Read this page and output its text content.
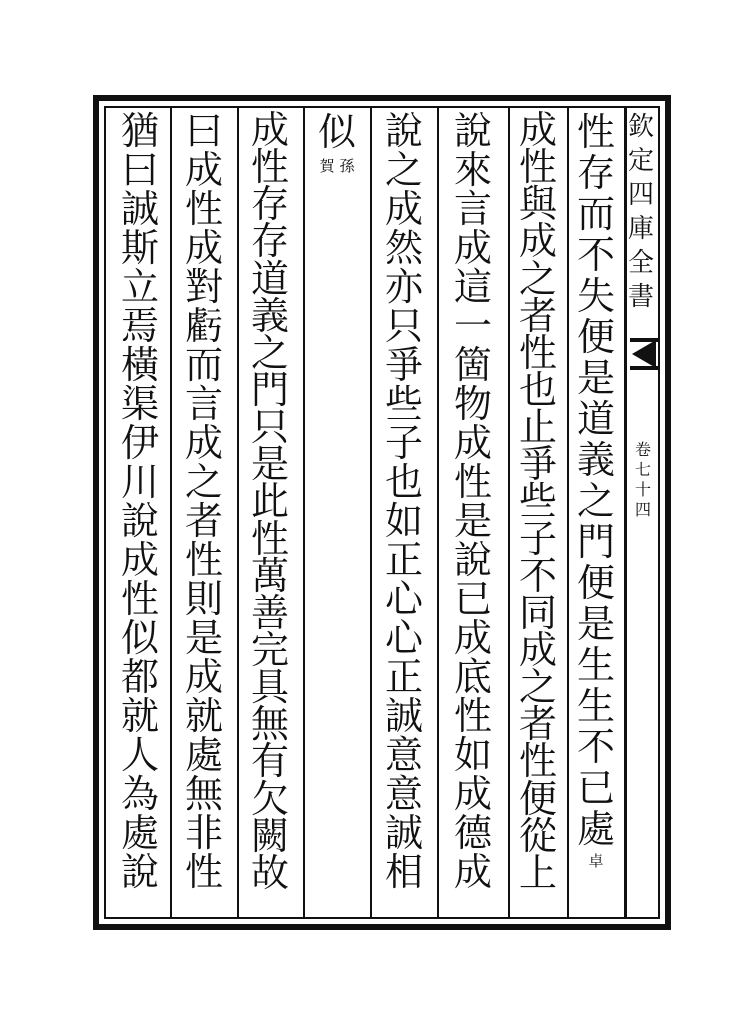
欽
定
四
庫
全
書
卷
七
十
四
性
存
而
不
失
便
是
道
義
之
門
便
是
生
生
不
已
處
卓
成
性
與
成
之
者
性
也
止
爭
些
子
不
同
成
之
者
性
便
從
上
說
來
言
成
這
一
箇
物
成
性
是
說
已
成
底
性
如
成
德
成
說
之
成
然
亦
只
爭
些
子
也
如
正
心
心
正
誠
意
意
誠
相
似
孫
賀
成
性
存
存
道
義
之
門
只
是
此
性
萬
善
完
具
無
有
欠
闕
故
曰
成
性
成
對
虧
而
言
成
之
者
性
則
是
成
就
處
無
非
性
猶
曰
誠
斯
立
焉
橫
渠
伊
川
說
成
性
似
都
就
人
為
處
說
